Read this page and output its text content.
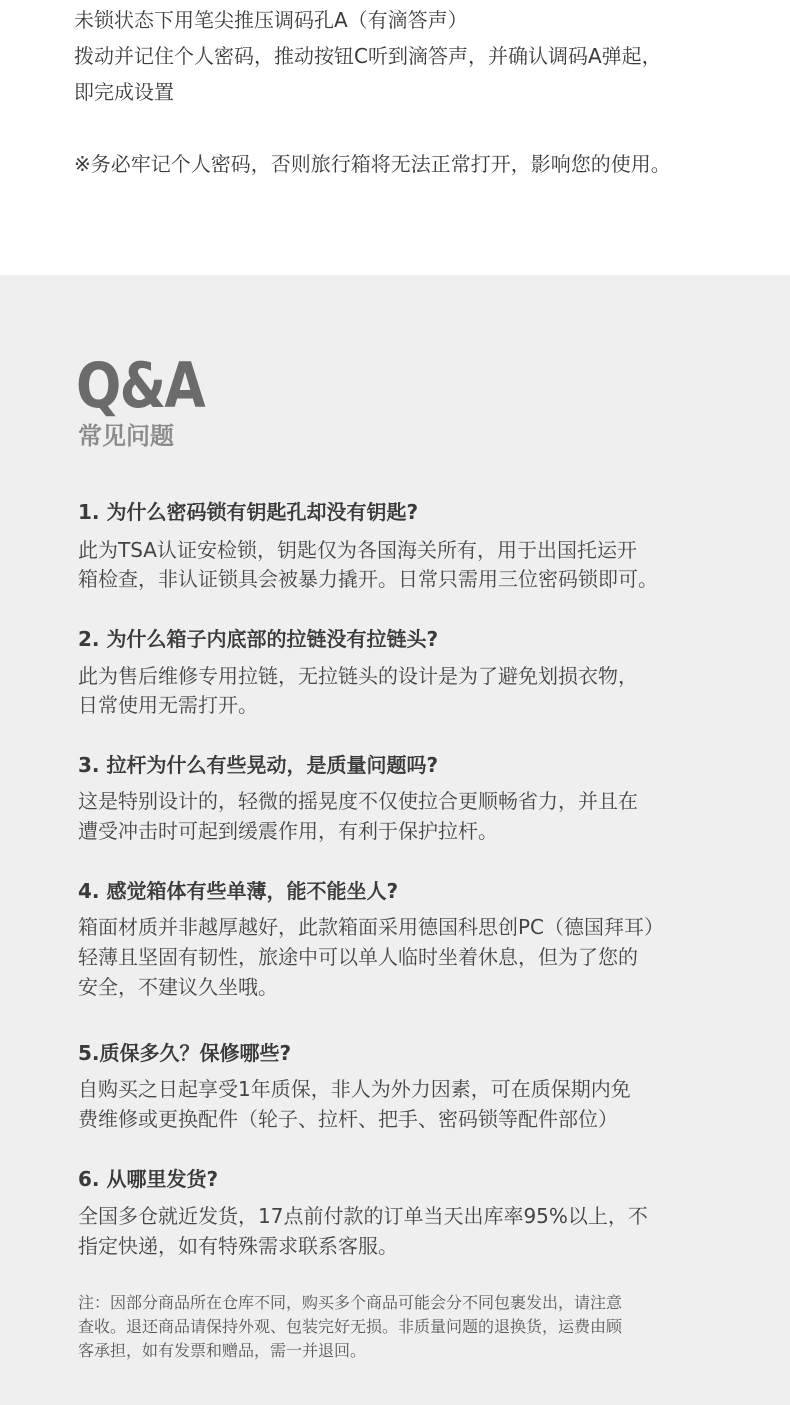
未锁状态下用笔尖推压调码孔A（有滴答声）
拨动并记住个人密码，推动按钮C听到滴答声，并确认调码A弹起，
即完成设置
※务必牢记个人密码，否则旅行箱将无法正常打开，影响您的使用。
Q&A
常见问题
1. 为什么密码锁有钥匙孔却没有钥匙?
此为TSA认证安检锁，钥匙仅为各国海关所有，用于出国托运开
箱检查，非认证锁具会被暴力撬开。日常只需用三位密码锁即可。
2. 为什么箱子内底部的拉链没有拉链头?
此为售后维修专用拉链，无拉链头的设计是为了避免划损衣物，
日常使用无需打开。
3. 拉杆为什么有些晃动，是质量问题吗?
这是特别设计的，轻微的摇晃度不仅使拉合更顺畅省力，并且在
遭受冲击时可起到缓震作用，有利于保护拉杆。
4. 感觉箱体有些单薄，能不能坐人?
箱面材质并非越厚越好，此款箱面采用德国科思创PC（德国拜耳）
轻薄且坚固有韧性，旅途中可以单人临时坐着休息，但为了您的
安全，不建议久坐哦。
5.质保多久？保修哪些?
自购买之日起享受1年质保，非人为外力因素，可在质保期内免
费维修或更换配件（轮子、拉杆、把手、密码锁等配件部位）
6. 从哪里发货?
全国多仓就近发货，17点前付款的订单当天出库率95%以上，不
指定快递，如有特殊需求联系客服。
注：因部分商品所在仓库不同，购买多个商品可能会分不同包裹发出，请注意
查收。退还商品请保持外观、包装完好无损。非质量问题的退换货，运费由顾
客承担，如有发票和赠品，需一并退回。
